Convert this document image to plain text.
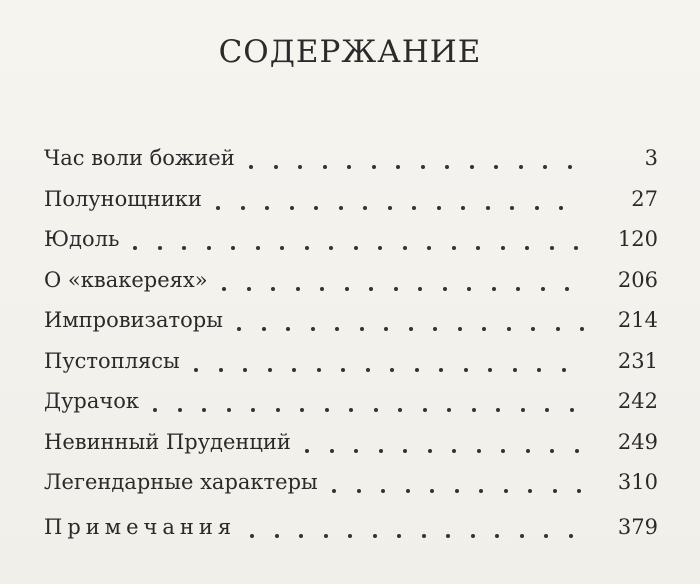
СОДЕРЖАНИЕ
Час воли божией	3
Полунощники	27
Юдоль	120
О «квакереях»	206
Импровизаторы	214
Пустоплясы	231
Дурачок	242
Невинный Пруденций	249
Легендарные характеры	310
Примечания	379
